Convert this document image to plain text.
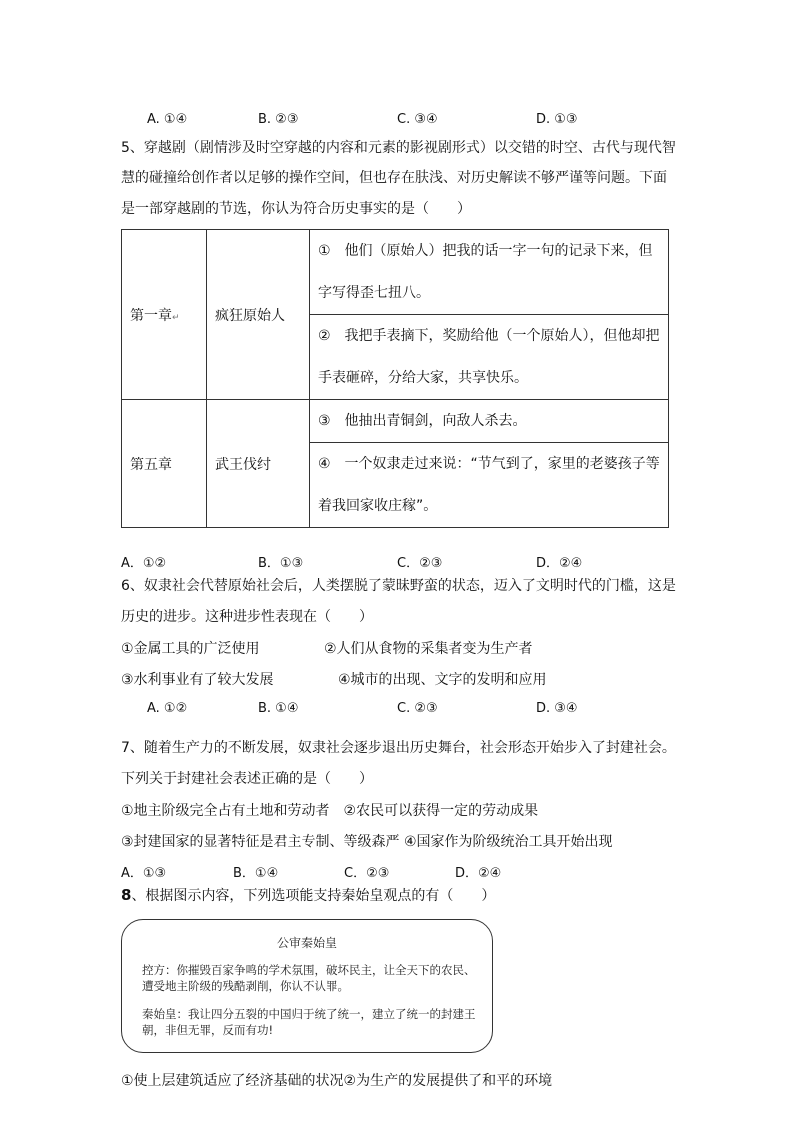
A. ①④	B. ②③	C. ③④	D. ①③
5、穿越剧（剧情涉及时空穿越的内容和元素的影视剧形式）以交错的时空、古代与现代智
慧的碰撞给创作者以足够的操作空间，但也存在肤浅、对历史解读不够严谨等问题。下面
是一部穿越剧的节选，你认为符合历史事实的是（　　）
第一章↵	疯狂原始人	①　他们（原始人）把我的话一字一句的记录下来，但字写得歪七扭八。

		②　我把手表摘下，奖励给他（一个原始人），但他却把手表砸碎，分给大家，共享快乐。

第五章	武王伐纣	③　他抽出青铜剑，向敌人杀去。

		④　一个奴隶走过来说：“节气到了，家里的老婆孩子等着我回家收庄稼”。
A．①②	B．①③	C．②③	D．②④
6、奴隶社会代替原始社会后，人类摆脱了蒙昧野蛮的状态，迈入了文明时代的门槛，这是
历史的进步。这种进步性表现在（　　）
①金属工具的广泛使用	②人们从食物的采集者变为生产者
③水利事业有了较大发展	④城市的出现、文字的发明和应用
A. ①②	B. ①④	C. ②③	D. ③④
7、随着生产力的不断发展，奴隶社会逐步退出历史舞台，社会形态开始步入了封建社会。
下列关于封建社会表述正确的是（　　）
①地主阶级完全占有土地和劳动者　②农民可以获得一定的劳动成果
③封建国家的显著特征是君主专制、等级森严 ④国家作为阶级统治工具开始出现
A．①③	B．①④	C．②③	D．②④
8、根据图示内容，下列选项能支持秦始皇观点的有（　　）
公审秦始皇
控方：你摧毁百家争鸣的学术氛围，破坏民主，让全天下的农民、遭受地主阶级的残酷剥削，你认不认罪。
秦始皇：我让四分五裂的中国归于统了统一，建立了统一的封建王朝，非但无罪，反而有功!
①使上层建筑适应了经济基础的状况②为生产的发展提供了和平的环境
